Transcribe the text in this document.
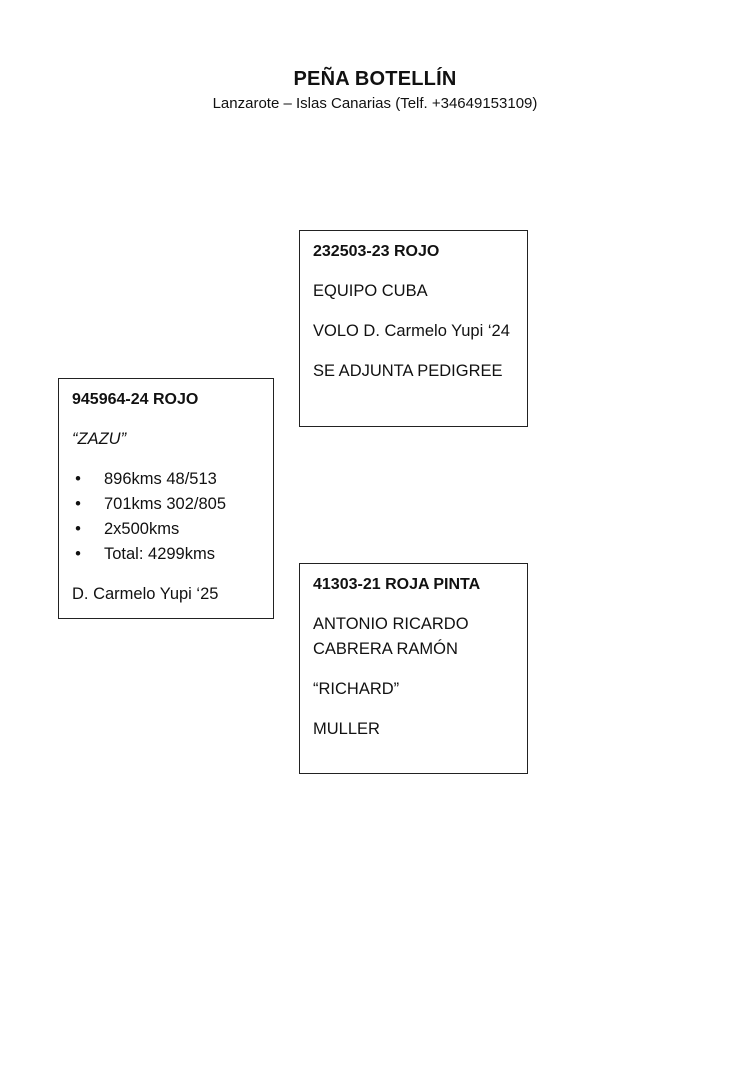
PEÑA BOTELLÍN
Lanzarote – Islas Canarias (Telf. +34649153109)

232503-23 ROJO

EQUIPO CUBA

VOLO D. Carmelo Yupi ‘24

SE ADJUNTA PEDIGREE

945964-24 ROJO

“ZAZU”

• 896kms 48/513
• 701kms 302/805
• 2x500kms
• Total: 4299kms

D. Carmelo Yupi ‘25

41303-21 ROJA PINTA

ANTONIO RICARDO CABRERA RAMÓN

“RICHARD”

MULLER
